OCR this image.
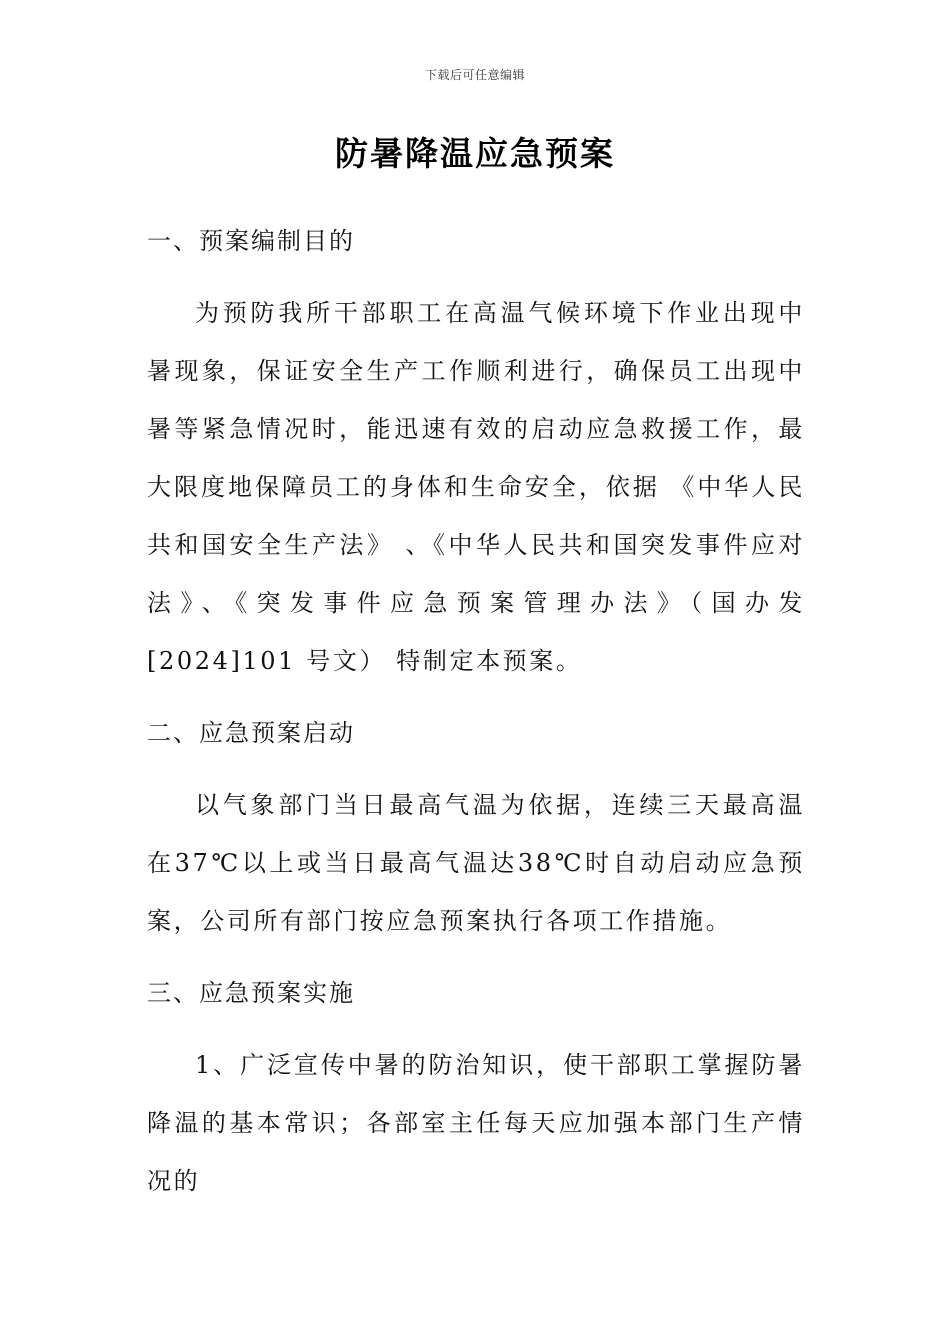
下载后可任意编辑
防暑降温应急预案

一、预案编制目的

为预防我所干部职工在高温气候环境下作业出现中暑现象，保证安全生产工作顺利进行，确保员工出现中暑等紧急情况时，能迅速有效的启动应急救援工作，最大限度地保障员工的身体和生命安全，依据 《中华人民共和国安全生产法》 、《中华人民共和国突发事件应对法》、《突发事件应急预案管理办法》（国办发[2024]101 号文） 特制定本预案。

二、应急预案启动

以气象部门当日最高气温为依据，连续三天最高温在37℃以上或当日最高气温达38℃时自动启动应急预案，公司所有部门按应急预案执行各项工作措施。

三、应急预案实施

1、广泛宣传中暑的防治知识，使干部职工掌握防暑降温的基本常识；各部室主任每天应加强本部门生产情况的
